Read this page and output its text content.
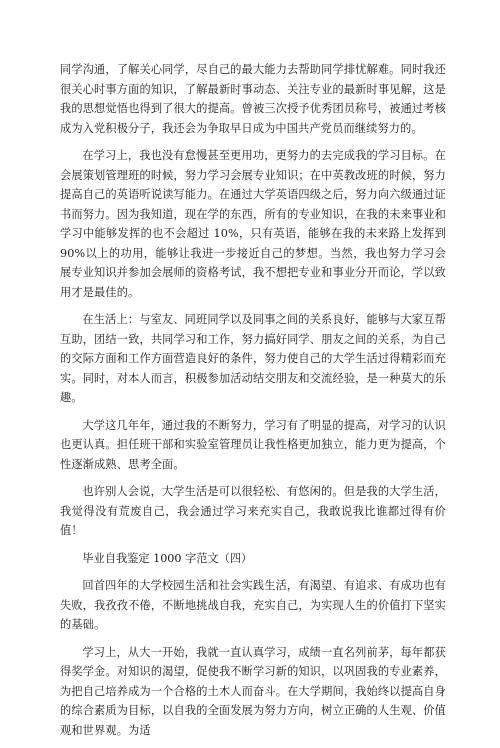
同学沟通，了解关心同学，尽自己的最大能力去帮助同学排忧解难。同时我还很关心时事方面的知识，了解最新时事动态、关注专业的最新时事见解，这是我的思想觉悟也得到了很大的提高。曾被三次授予优秀团员称号，被通过考核成为入党积极分子，我还会为争取早日成为中国共产党员而继续努力的。

在学习上，我也没有怠慢甚至更用功，更努力的去完成我的学习目标。在会展策划管理班的时候，努力学习会展专业知识；在中英教改班的时候，努力提高自己的英语听说读写能力。在通过大学英语四级之后，努力向六级通过证书而努力。因为我知道，现在学的东西，所有的专业知识，在我的未来事业和学习中能够发挥的也不会超过 10%，只有英语，能够在我的未来路上发挥到 90%以上的功用，能够让我进一步接近自己的梦想。当然，我也努力学习会展专业知识并参加会展师的资格考试，我不想把专业和事业分开而论，学以致用才是最佳的。

在生活上：与室友、同班同学以及同事之间的关系良好，能够与大家互帮互助，团结一致，共同学习和工作，努力搞好同学、朋友之间的关系，为自己的交际方面和工作方面营造良好的条件，努力使自己的大学生活过得精彩而充实。同时，对本人而言，积极参加活动结交朋友和交流经验，是一种莫大的乐趣。

大学这几年年，通过我的不断努力，学习有了明显的提高，对学习的认识也更认真。担任班干部和实验室管理员让我性格更加独立，能力更为提高，个性逐渐成熟、思考全面。

也许别人会说，大学生活是可以很轻松、有悠闲的。但是我的大学生活，我觉得没有荒废自己，我会通过学习来充实自己，我敢说我比谁都过得有价值！

毕业自我鉴定 1000 字范文（四）

回首四年的大学校园生活和社会实践生活，有渴望、有追求、有成功也有失败，我孜孜不倦，不断地挑战自我，充实自己，为实现人生的价值打下坚实的基础。

学习上，从大一开始，我就一直认真学习，成绩一直名列前茅，每年都获得奖学金。对知识的渴望，促使我不断学习新的知识，以巩固我的专业素养，为把自己培养成为一个合格的土木人而奋斗。在大学期间，我始终以提高自身的综合素质为目标，以自我的全面发展为努力方向，树立正确的人生观、价值观和世界观。为适
